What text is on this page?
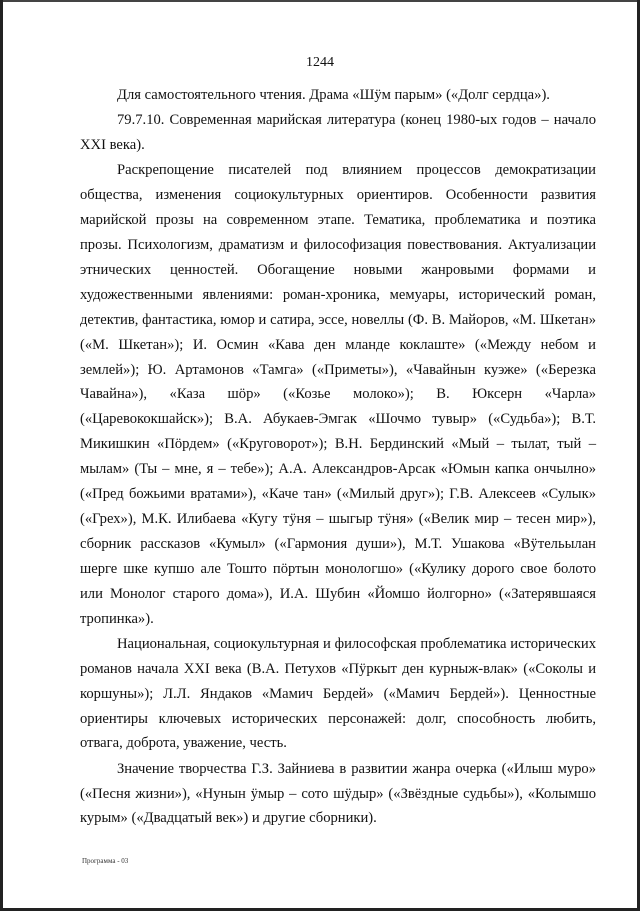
1244

Для самостоятельного чтения. Драма «Шӱм парым» («Долг сердца»).

79.7.10. Современная марийская литература (конец 1980-ых годов – начало XXI века).

Раскрепощение писателей под влиянием процессов демократизации общества, изменения социокультурных ориентиров. Особенности развития марийской прозы на современном этапе. Тематика, проблематика и поэтика прозы. Психологизм, драматизм и философизация повествования. Актуализации этнических ценностей. Обогащение новыми жанровыми формами и художественными явлениями: роман-хроника, мемуары, исторический роман, детектив, фантастика, юмор и сатира, эссе, новеллы (Ф. В. Майоров, «М. Шкетан» («М. Шкетан»); И. Осмин «Кава ден мланде коклаште» («Между небом и землей»); Ю. Артамонов «Тамга» («Приметы»), «Чавайнын куэже» («Березка Чавайна»), «Каза шӧр» («Козье молоко»); В. Юксерн «Чарла» («Царевококшайск»); В.А. Абукаев-Эмгак «Шочмо тувыр» («Судьба»); В.Т. Микишкин «Пӧрдем» («Круговорот»); В.Н. Бердинский «Мый – тылат, тый – мылам» (Ты – мне, я – тебе»); А.А. Александров-Арсак «Юмын капка ончылно» («Пред божьими вратами»), «Каче тан» («Милый друг»); Г.В. Алексеев «Сулык» («Грех»), М.К. Илибаева «Кугу тӱня – шыгыр тӱня» («Велик мир – тесен мир»), сборник рассказов «Кумыл» («Гармония души»), М.Т. Ушакова «Вӱтельылан шерге шке купшо але Тошто пӧртын монологшо» («Кулику дорого свое болото или Монолог старого дома»), И.А. Шубин «Йомшо йолгорно» («Затерявшаяся тропинка»).

Национальная, социокультурная и философская проблематика исторических романов начала XXI века (В.А. Петухов «Пӱркыт ден курныж-влак» («Соколы и коршуны»); Л.Л. Яндаков «Мамич Бердей» («Мамич Бердей»). Ценностные ориентиры ключевых исторических персонажей: долг, способность любить, отвага, доброта, уважение, честь.

Значение творчества Г.З. Зайниева в развитии жанра очерка («Илыш муро» («Песня жизни»), «Нунын ӱмыр – сото шӱдыр» («Звёздные судьбы»), «Колымшо курым» («Двадцатый век») и другие сборники).

Программа - 03
